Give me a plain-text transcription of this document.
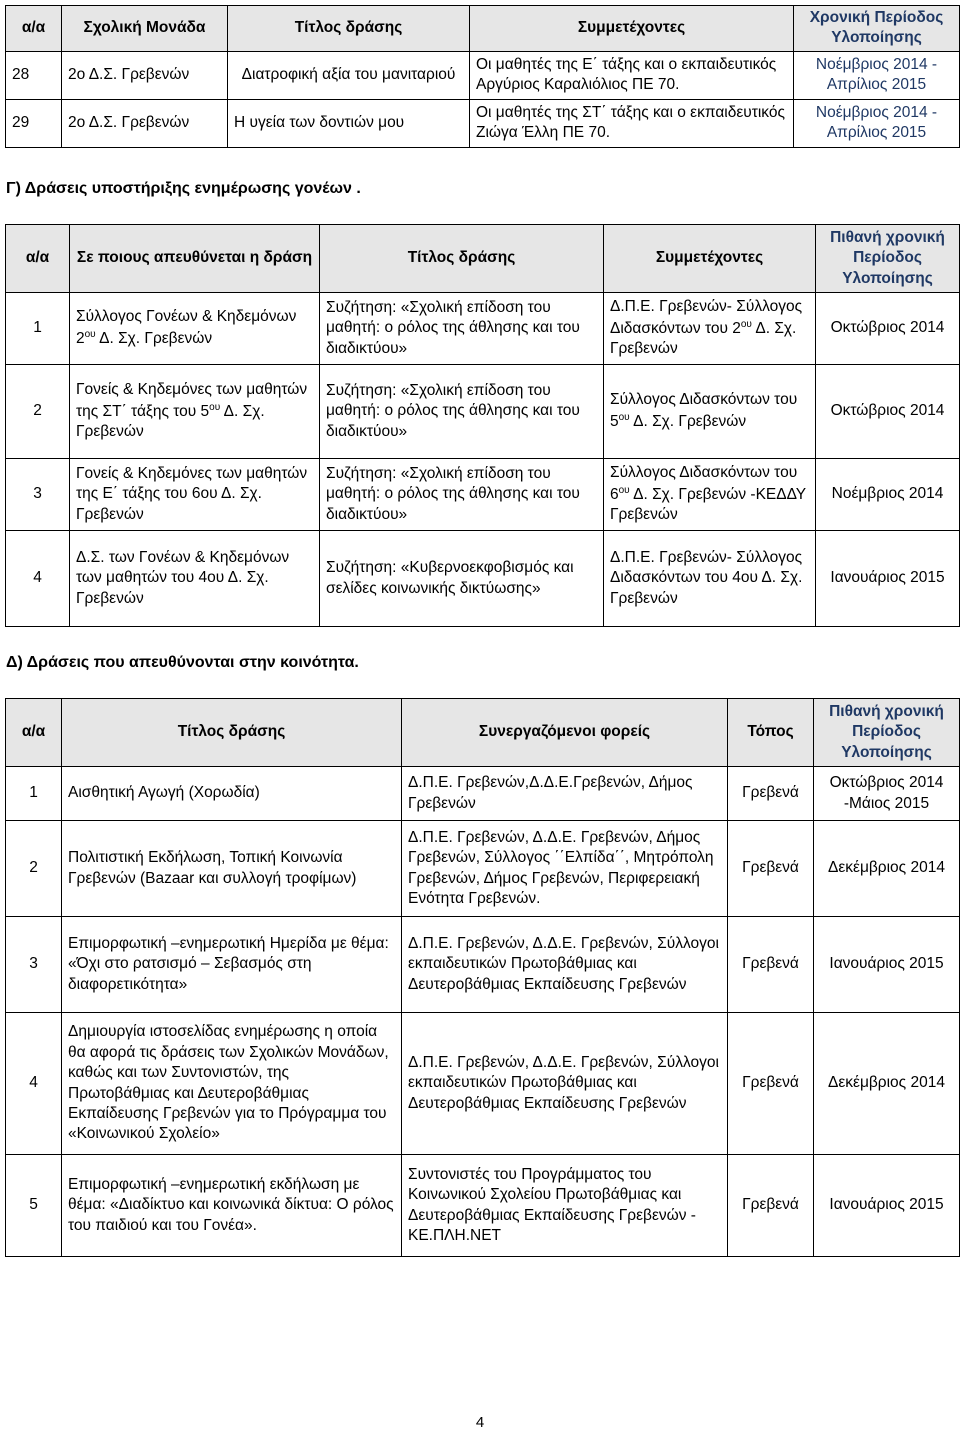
α/α	Σχολική Μονάδα	Τίτλος δράσης	Συμμετέχοντες	Χρονική Περίοδος Υλοποίησης
28	2ο Δ.Σ. Γρεβενών	Διατροφική αξία του μανιταριού	Οι μαθητές της Ε΄ τάξης και ο εκπαιδευτικός Αργύριος Καραλιόλιος ΠΕ 70.	Νοέμβριος 2014 - Απρίλιος 2015
29	2ο Δ.Σ. Γρεβενών	Η υγεία των δοντιών μου	Οι μαθητές της ΣΤ΄ τάξης και ο εκπαιδευτικός Ζιώγα Έλλη ΠΕ 70.	Νοέμβριος 2014 - Απρίλιος 2015
Γ) Δράσεις υποστήριξης ενημέρωσης γονέων .
α/α	Σε ποιους απευθύνεται η δράση	Τίτλος δράσης	Συμμετέχοντες	Πιθανή χρονική Περίοδος Υλοποίησης
1	Σύλλογος Γονέων & Κηδεμόνων $2^{o\upsilon}$ Δ. Σχ. Γρεβενών	Συζήτηση: «Σχολική επίδοση του μαθητή: ο ρόλος της άθλησης και του διαδικτύου»	Δ.Π.Ε. Γρεβενών- Σύλλογος Διδασκόντων του $2^{o\upsilon}$ Δ. Σχ. Γρεβενών	Οκτώβριος 2014
2	Γονείς & Κηδεμόνες των μαθητών της ΣΤ΄ τάξης του $5^{o\upsilon}$ Δ. Σχ. Γρεβενών	Συζήτηση: «Σχολική επίδοση του μαθητή: ο ρόλος της άθλησης και του διαδικτύου»	Σύλλογος Διδασκόντων του $5^{o\upsilon}$ Δ. Σχ. Γρεβενών	Οκτώβριος 2014
3	Γονείς & Κηδεμόνες των μαθητών της Ε΄ τάξης του 6ου Δ. Σχ. Γρεβενών	Συζήτηση: «Σχολική επίδοση του μαθητή: ο ρόλος της άθλησης και του διαδικτύου»	Σύλλογος Διδασκόντων του $6^{o\upsilon}$ Δ. Σχ. Γρεβενών -ΚΕΔΔΥ Γρεβενών	Νοέμβριος 2014
4	Δ.Σ. των Γονέων & Κηδεμόνων των μαθητών του 4ου Δ. Σχ. Γρεβενών	Συζήτηση: «Κυβερνοεκφοβισμός και σελίδες κοινωνικής δικτύωσης»	Δ.Π.Ε. Γρεβενών- Σύλλογος Διδασκόντων του 4ου Δ. Σχ. Γρεβενών	Ιανουάριος 2015
Δ) Δράσεις που απευθύνονται στην κοινότητα.
α/α	Τίτλος δράσης	Συνεργαζόμενοι φορείς	Τόπος	Πιθανή χρονική Περίοδος Υλοποίησης
1	Αισθητική Αγωγή (Χορωδία)	Δ.Π.Ε. Γρεβενών,Δ.Δ.Ε.Γρεβενών, Δήμος Γρεβενών	Γρεβενά	Οκτώβριος 2014 -Μάιος 2015
2	Πολιτιστική Εκδήλωση, Τοπική Κοινωνία Γρεβενών (Bazaar και συλλογή τροφίμων)	Δ.Π.Ε. Γρεβενών, Δ.Δ.Ε. Γρεβενών, Δήμος Γρεβενών, Σύλλογος ΄΄Ελπίδα΄΄, Μητρόπολη Γρεβενών, Δήμος Γρεβενών, Περιφερειακή Ενότητα Γρεβενών.	Γρεβενά	Δεκέμβριος 2014
3	Επιμορφωτική –ενημερωτική Ημερίδα με θέμα: «Όχι στο ρατσισμό – Σεβασμός στη διαφορετικότητα»	Δ.Π.Ε. Γρεβενών, Δ.Δ.Ε. Γρεβενών, Σύλλογοι εκπαιδευτικών Πρωτοβάθμιας και Δευτεροβάθμιας Εκπαίδευσης Γρεβενών	Γρεβενά	Ιανουάριος 2015
4	Δημιουργία ιστοσελίδας ενημέρωσης η οποία θα αφορά τις δράσεις των Σχολικών Μονάδων, καθώς και των Συντονιστών, της Πρωτοβάθμιας και Δευτεροβάθμιας Εκπαίδευσης Γρεβενών για το Πρόγραμμα του «Κοινωνικού Σχολείο»	Δ.Π.Ε. Γρεβενών, Δ.Δ.Ε. Γρεβενών, Σύλλογοι εκπαιδευτικών Πρωτοβάθμιας και Δευτεροβάθμιας Εκπαίδευσης Γρεβενών	Γρεβενά	Δεκέμβριος 2014
5	Επιμορφωτική –ενημερωτική εκδήλωση με θέμα: «Διαδίκτυο και κοινωνικά δίκτυα: Ο ρόλος του παιδιού και του Γονέα».	Συντονιστές του Προγράμματος του Κοινωνικού Σχολείου Πρωτοβάθμιας και Δευτεροβάθμιας Εκπαίδευσης Γρεβενών - ΚΕ.ΠΛΗ.ΝΕΤ	Γρεβενά	Ιανουάριος 2015
4
